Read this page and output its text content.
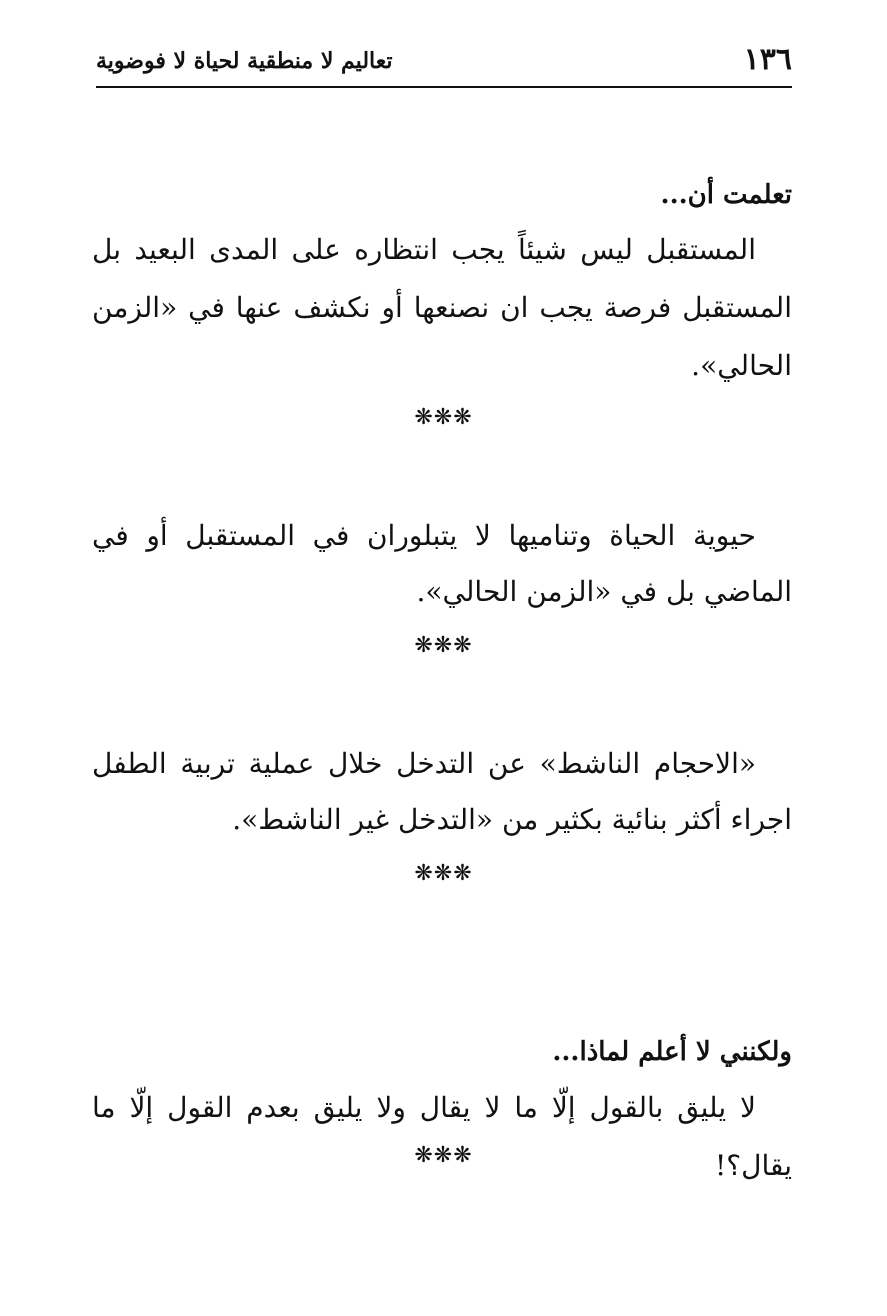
١٣٦
تعاليم لا منطقية لحياة لا فوضوية
تعلمت أن...
المستقبل ليس شيئاً يجب انتظاره على المدى البعيد بل المستقبل فرصة يجب ان نصنعها أو نكشف عنها في «الزمن الحالي».
❋❋❋
حيوية الحياة وتناميها لا يتبلوران في المستقبل أو في الماضي بل في «الزمن الحالي».
❋❋❋
«الاحجام الناشط» عن التدخل خلال عملية تربية الطفل اجراء أكثر بنائية بكثير من «التدخل غير الناشط».
❋❋❋
ولكنني لا أعلم لماذا...
لا يليق بالقول إلّا ما لا يقال ولا يليق بعدم القول إلّا ما يقال؟!
❋❋❋
